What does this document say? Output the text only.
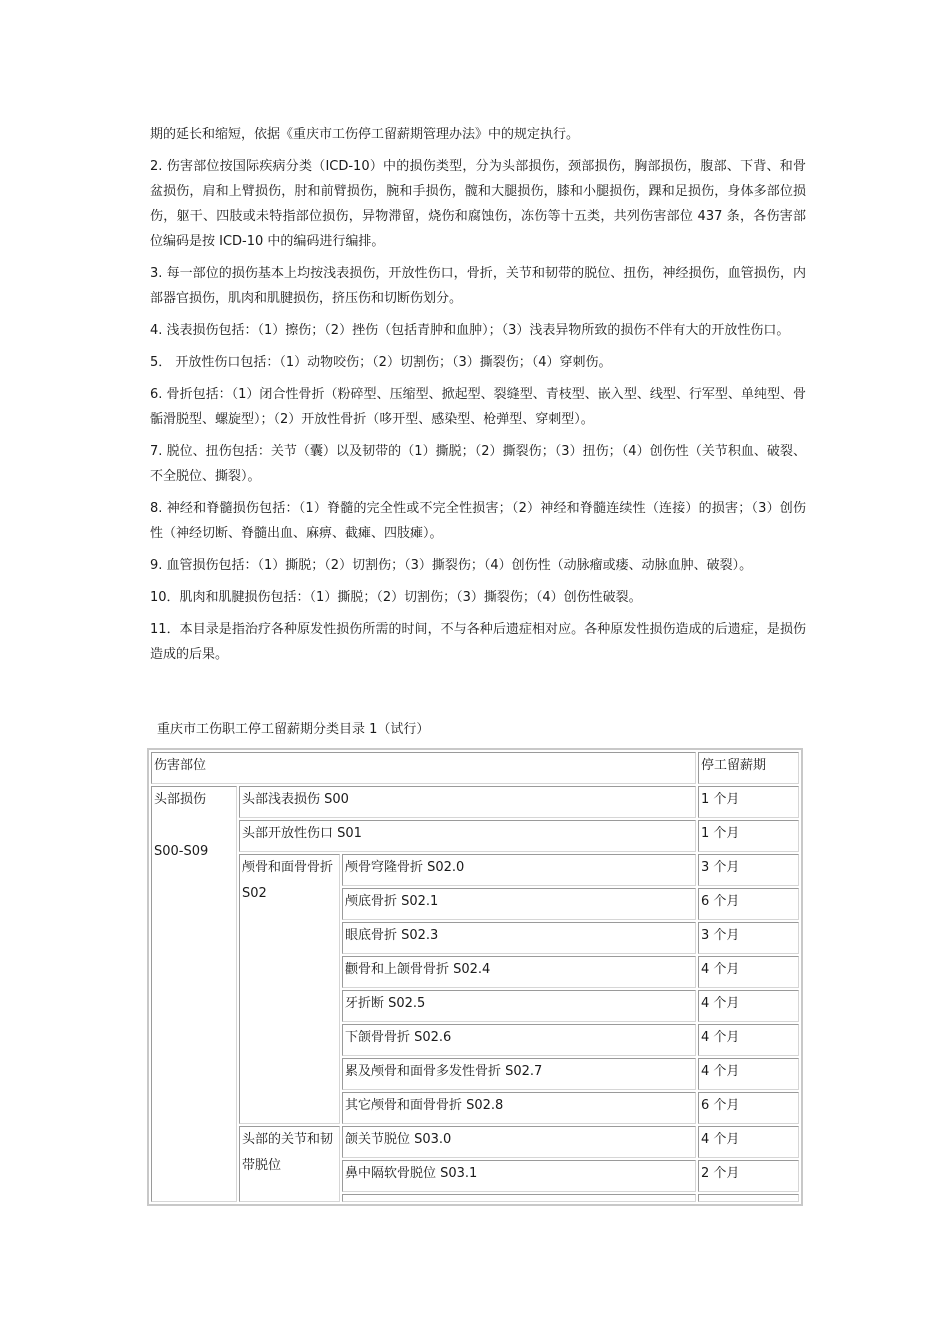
期的延长和缩短，依据《重庆市工伤停工留薪期管理办法》中的规定执行。

2. 伤害部位按国际疾病分类（ICD-10）中的损伤类型，分为头部损伤，颈部损伤，胸部损伤，腹部、下背、和骨盆损伤，肩和上臂损伤，肘和前臂损伤，腕和手损伤，髋和大腿损伤，膝和小腿损伤，踝和足损伤，身体多部位损伤，躯干、四肢或未特指部位损伤，异物滞留，烧伤和腐蚀伤，冻伤等十五类，共列伤害部位 437 条，各伤害部位编码是按 ICD-10 中的编码进行编排。

3. 每一部位的损伤基本上均按浅表损伤，开放性伤口，骨折，关节和韧带的脱位、扭伤，神经损伤，血管损伤，内部器官损伤，肌肉和肌腱损伤，挤压伤和切断伤划分。

4. 浅表损伤包括：（1）擦伤；（2）挫伤（包括青肿和血肿）；（3）浅表异物所致的损伤不伴有大的开放性伤口。

5． 开放性伤口包括：（1）动物咬伤；（2）切割伤；（3）撕裂伤；（4）穿刺伤。

6. 骨折包括：（1）闭合性骨折（粉碎型、压缩型、掀起型、裂缝型、青枝型、嵌入型、线型、行军型、单纯型、骨骺滑脱型、螺旋型）；（2）开放性骨折（哆开型、感染型、枪弹型、穿刺型）。

7. 脱位、扭伤包括：关节（囊）以及韧带的（1）撕脱；（2）撕裂伤；（3）扭伤；（4）创伤性（关节积血、破裂、不全脱位、撕裂）。

8. 神经和脊髓损伤包括：（1）脊髓的完全性或不完全性损害；（2）神经和脊髓连续性（连接）的损害；（3）创伤性（神经切断、脊髓出血、麻痹、截瘫、四肢瘫）。

9. 血管损伤包括：（1）撕脱；（2）切割伤；（3）撕裂伤；（4）创伤性（动脉瘤或瘘、动脉血肿、破裂）。

10．肌肉和肌腱损伤包括：（1）撕脱；（2）切割伤；（3）撕裂伤；（4）创伤性破裂。

11．本目录是指治疗各种原发性损伤所需的时间，不与各种后遗症相对应。各种原发性损伤造成的后遗症，是损伤造成的后果。

重庆市工伤职工停工留薪期分类目录 1（试行）
伤害部位			停工留薪期
头部损伤
S00-S09	头部浅表损伤 S00		1 个月
	头部开放性伤口 S01		1 个月
	颅骨和面骨骨折 S02	颅骨穹隆骨折 S02.0	3 个月
		颅底骨折 S02.1	6 个月
		眼底骨折 S02.3	3 个月
		颧骨和上颌骨骨折 S02.4	4 个月
		牙折断 S02.5	4 个月
		下颌骨骨折 S02.6	4 个月
		累及颅骨和面骨多发性骨折 S02.7	4 个月
		其它颅骨和面骨骨折 S02.8	6 个月
	头部的关节和韧带脱位	颌关节脱位 S03.0	4 个月
		鼻中隔软骨脱位 S03.1	2 个月
